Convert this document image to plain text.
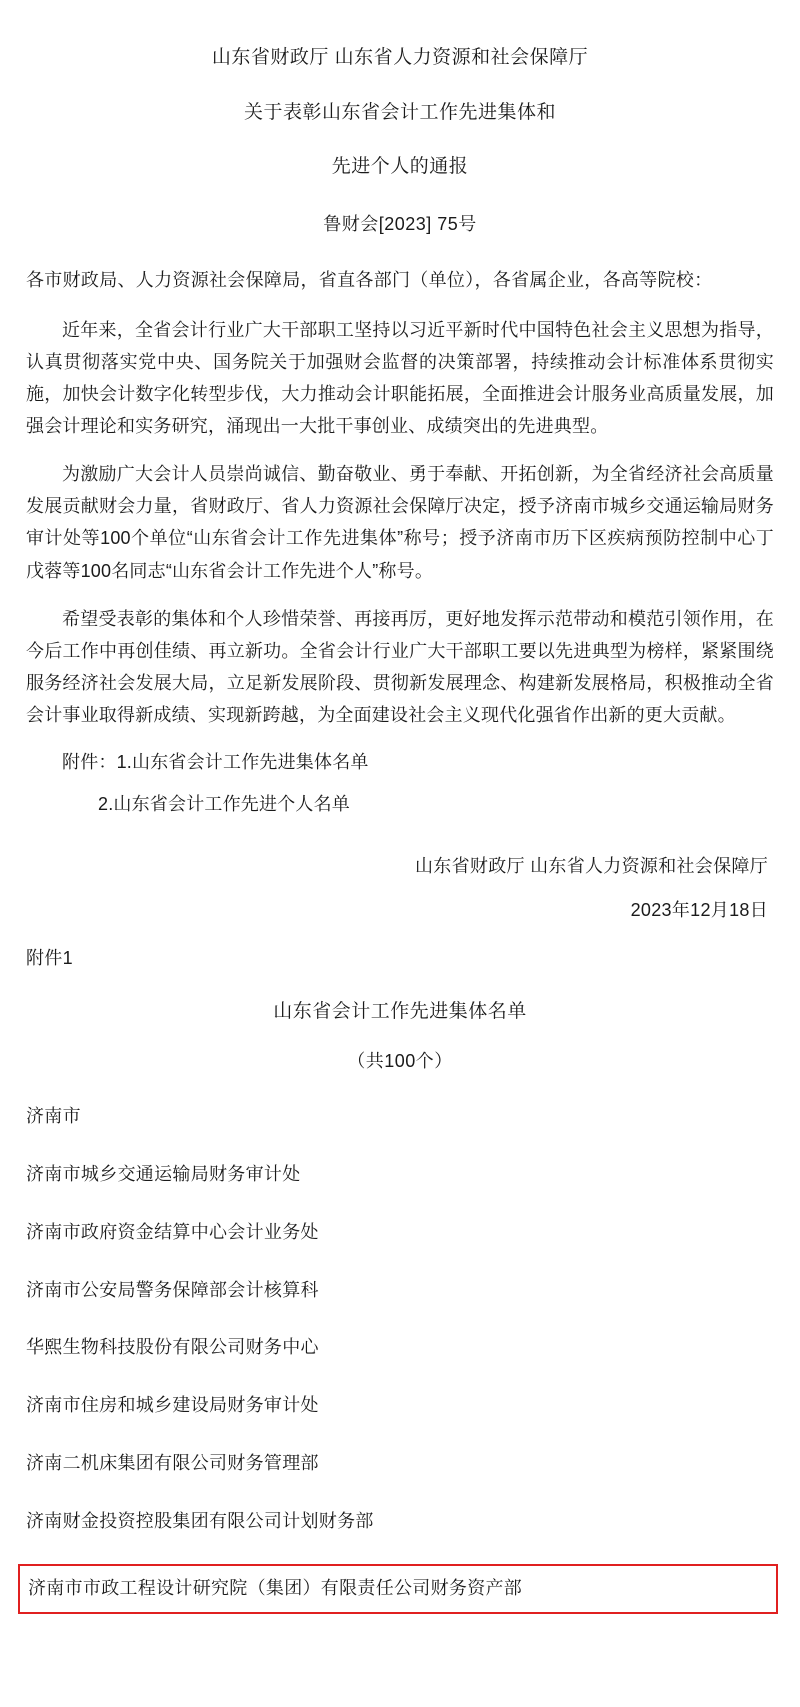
山东省财政厅 山东省人力资源和社会保障厅
关于表彰山东省会计工作先进集体和
先进个人的通报
鲁财会[2023] 75号
各市财政局、人力资源社会保障局，省直各部门（单位），各省属企业，各高等院校：

近年来，全省会计行业广大干部职工坚持以习近平新时代中国特色社会主义思想为指导，认真贯彻落实党中央、国务院关于加强财会监督的决策部署，持续推动会计标准体系贯彻实施，加快会计数字化转型步伐，大力推动会计职能拓展，全面推进会计服务业高质量发展，加强会计理论和实务研究，涌现出一大批干事创业、成绩突出的先进典型。

为激励广大会计人员崇尚诚信、勤奋敬业、勇于奉献、开拓创新，为全省经济社会高质量发展贡献财会力量，省财政厅、省人力资源社会保障厅决定，授予济南市城乡交通运输局财务审计处等100个单位“山东省会计工作先进集体”称号；授予济南市历下区疾病预防控制中心丁戊蓉等100名同志“山东省会计工作先进个人”称号。

希望受表彰的集体和个人珍惜荣誉、再接再厉，更好地发挥示范带动和模范引领作用，在今后工作中再创佳绩、再立新功。全省会计行业广大干部职工要以先进典型为榜样，紧紧围绕服务经济社会发展大局，立足新发展阶段、贯彻新发展理念、构建新发展格局，积极推动全省会计事业取得新成绩、实现新跨越，为全面建设社会主义现代化强省作出新的更大贡献。

附件：1.山东省会计工作先进集体名单
2.山东省会计工作先进个人名单
山东省财政厅 山东省人力资源和社会保障厅
2023年12月18日
附件1
山东省会计工作先进集体名单
（共100个）
济南市
济南市城乡交通运输局财务审计处
济南市政府资金结算中心会计业务处
济南市公安局警务保障部会计核算科
华熙生物科技股份有限公司财务中心
济南市住房和城乡建设局财务审计处
济南二机床集团有限公司财务管理部
济南财金投资控股集团有限公司计划财务部
济南市市政工程设计研究院（集团）有限责任公司财务资产部
